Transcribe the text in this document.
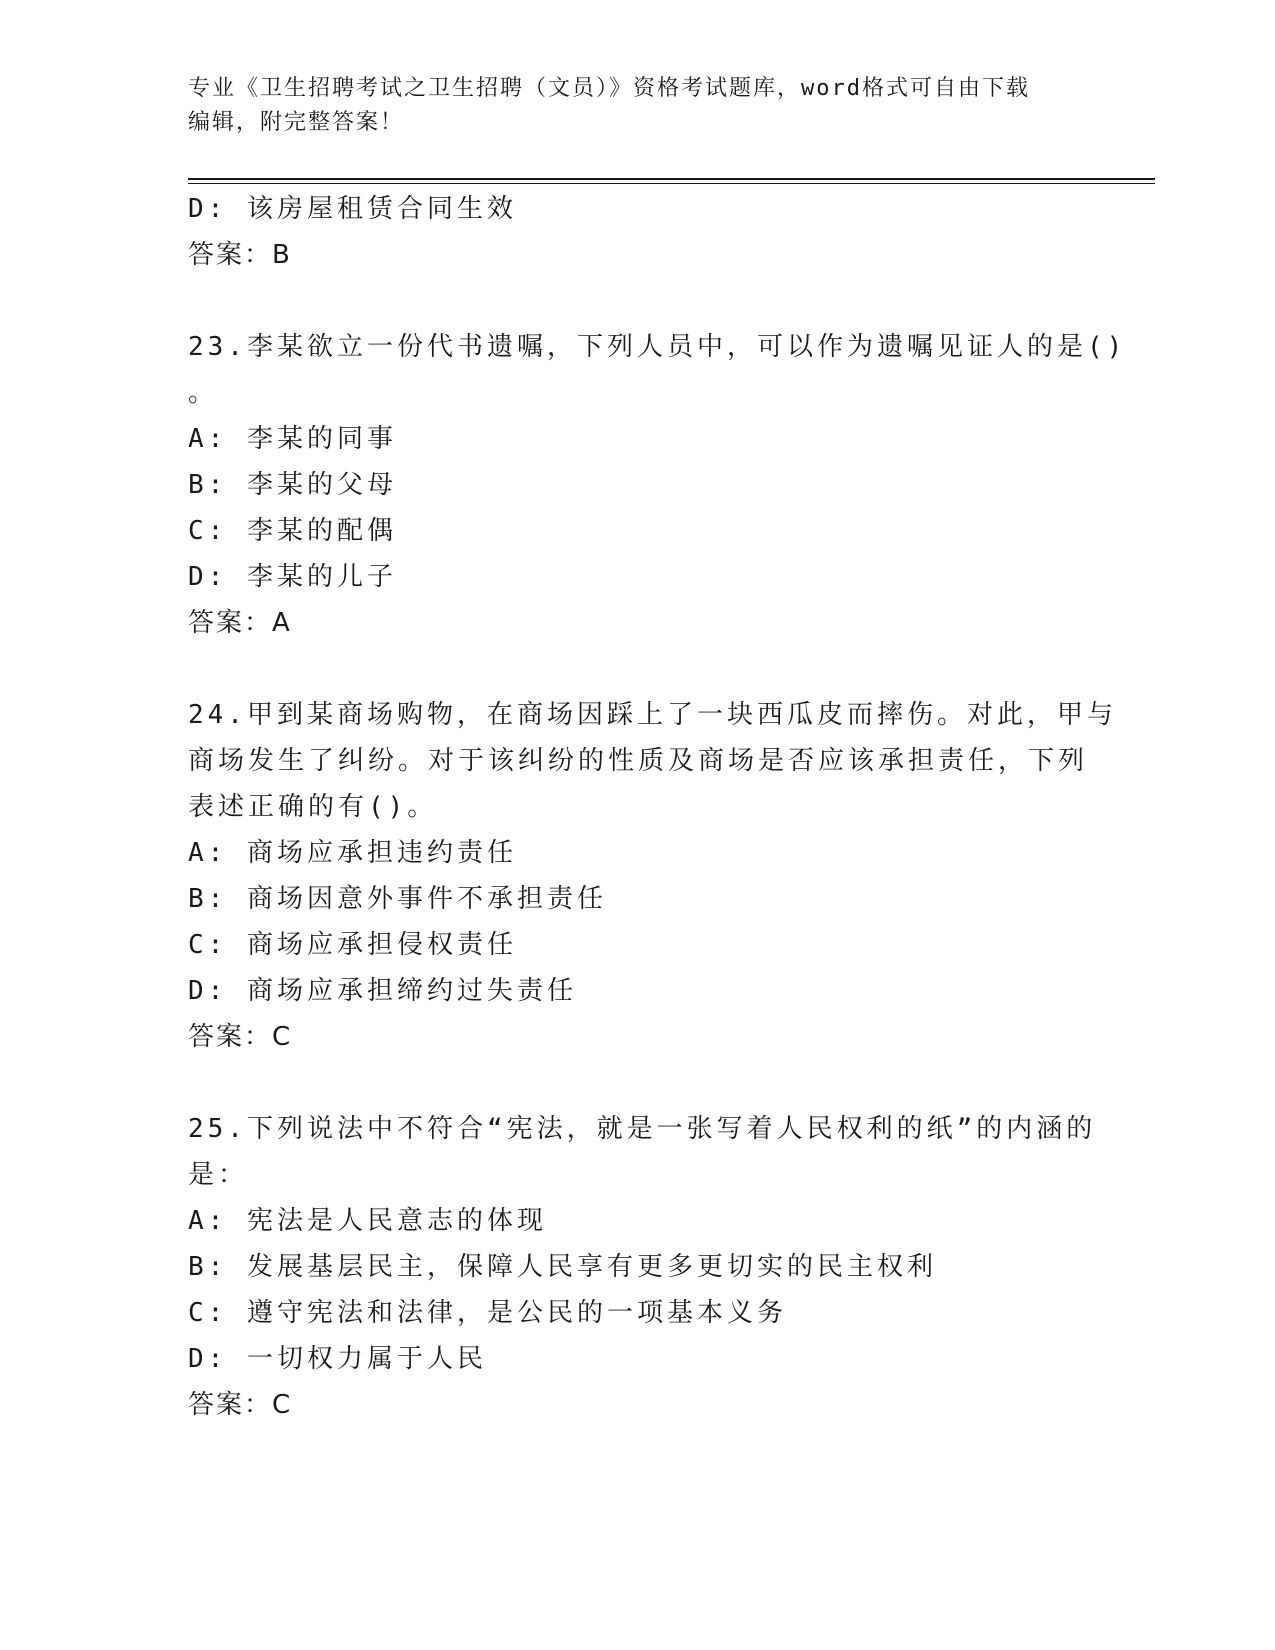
专业《卫生招聘考试之卫生招聘（文员）》资格考试题库，word格式可自由下载
编辑，附完整答案！
D: 该房屋租赁合同生效
答案：B
23.李某欲立一份代书遗嘱，下列人员中，可以作为遗嘱见证人的是()
。
A: 李某的同事
B: 李某的父母
C: 李某的配偶
D: 李某的儿子
答案：A
24.甲到某商场购物，在商场因踩上了一块西瓜皮而摔伤。对此，甲与
商场发生了纠纷。对于该纠纷的性质及商场是否应该承担责任，下列
表述正确的有()。
A: 商场应承担违约责任
B: 商场因意外事件不承担责任
C: 商场应承担侵权责任
D: 商场应承担缔约过失责任
答案：C
25.下列说法中不符合“宪法，就是一张写着人民权利的纸”的内涵的
是：
A: 宪法是人民意志的体现
B: 发展基层民主，保障人民享有更多更切实的民主权利
C: 遵守宪法和法律，是公民的一项基本义务
D: 一切权力属于人民
答案：C
